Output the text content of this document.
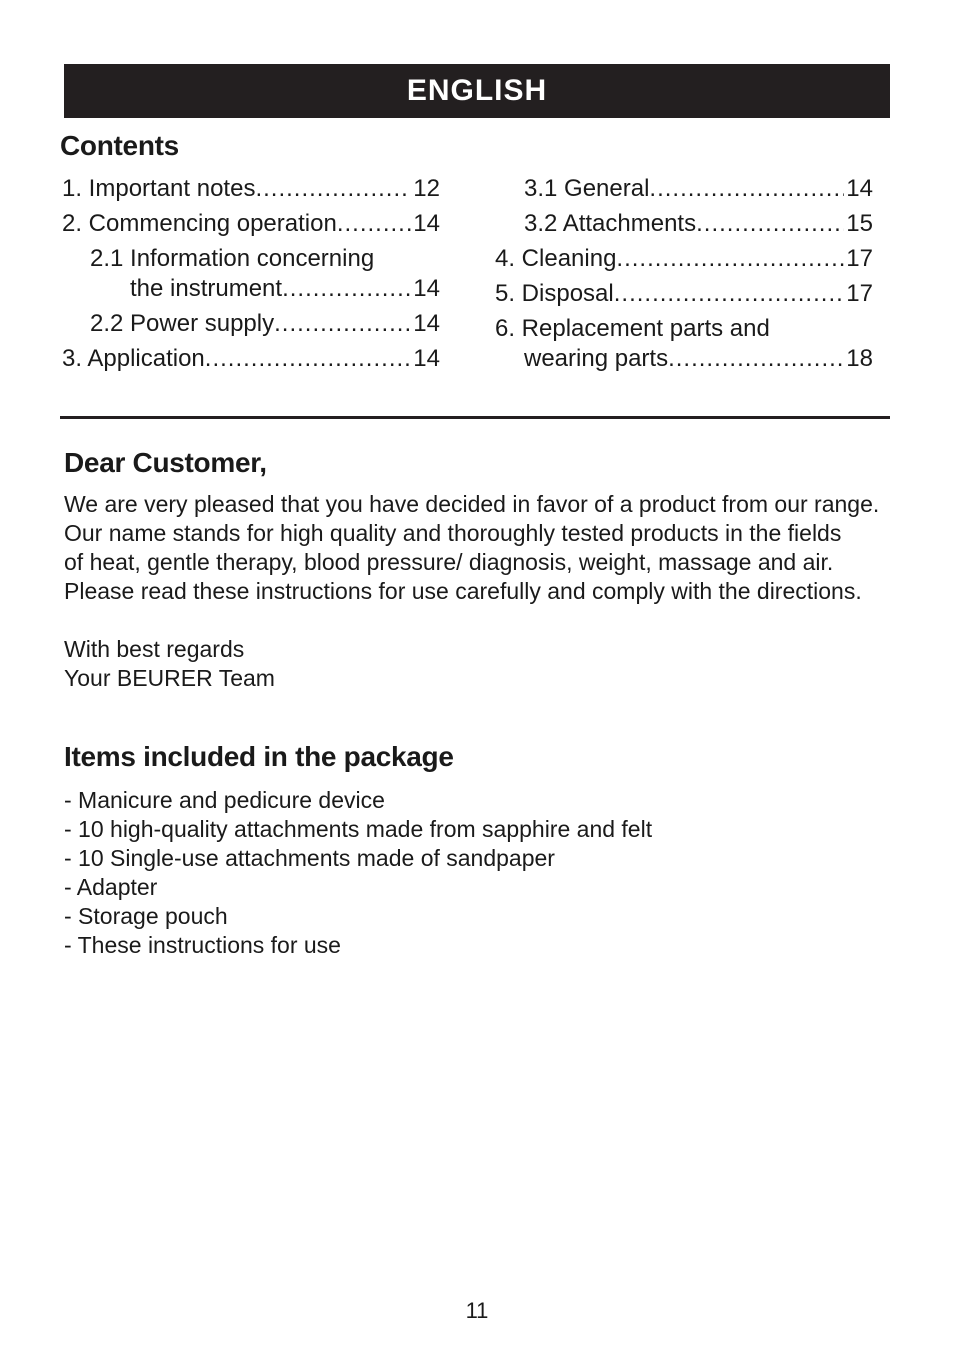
ENGLISH
Contents
1. Important notes .....	12
2. Commencing operation .....	14
2.1 Information concerning
the instrument .....	14
2.2 Power supply .....	14
3. Application .....	14
3.1 General .....	14
3.2 Attachments .....	15
4. Cleaning .....	17
5. Disposal .....	17
6. Replacement parts and
wearing parts .....	18
Dear Customer,
We are very pleased that you have decided in favor of a product from our range.
Our name stands for high quality and thoroughly tested products in the fields
of heat, gentle therapy, blood pressure/ diagnosis, weight, massage and air.
Please read these instructions for use carefully and comply with the directions.
With best regards
Your BEURER Team
Items included in the package
- Manicure and pedicure device
- 10 high-quality attachments made from sapphire and felt
- 10 Single-use attachments made of sandpaper
- Adapter
- Storage pouch
- These instructions for use
11
